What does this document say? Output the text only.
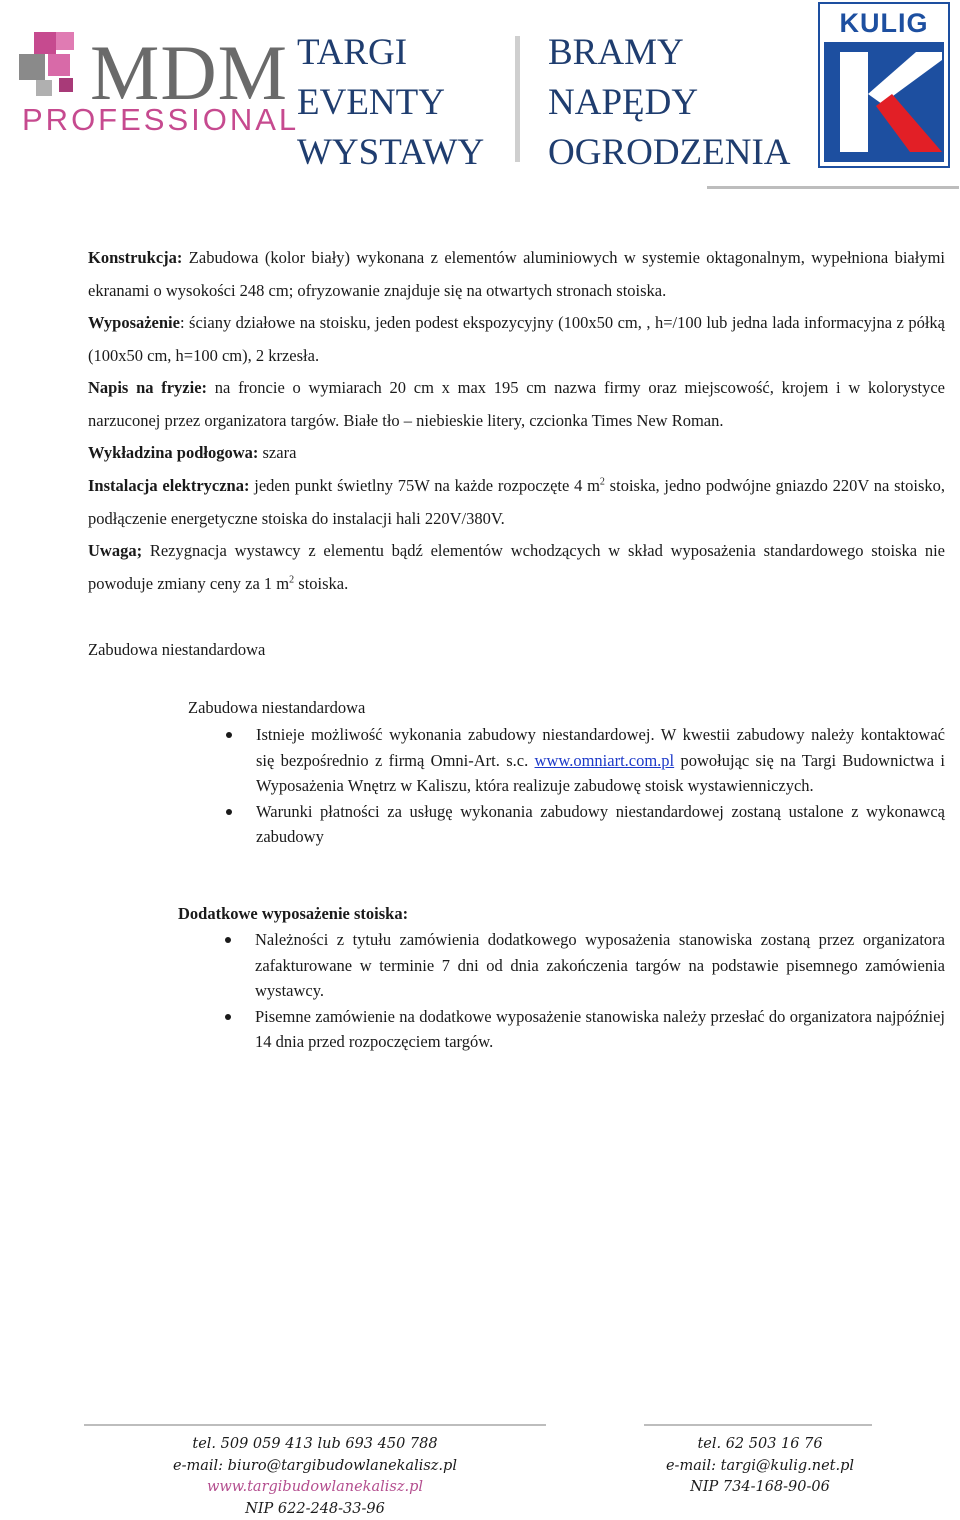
MDM
PROFESSIONAL
TARGI
EVENTY
WYSTAWY
BRAMY
NAPĘDY
OGRODZENIA
KULIG

Konstrukcja: Zabudowa (kolor biały) wykonana z elementów aluminiowych w systemie oktagonalnym, wypełniona białymi ekranami o wysokości 248 cm; ofryzowanie znajduje się na otwartych stronach stoiska.

Wyposażenie: ściany działowe na stoisku, jeden podest ekspozycyjny (100x50 cm, , h=/100 lub jedna lada informacyjna z półką (100x50 cm, h=100 cm), 2 krzesła.

Napis na fryzie: na froncie o wymiarach 20 cm x max 195 cm nazwa firmy oraz miejscowość, krojem i w kolorystyce narzuconej przez organizatora targów. Białe tło – niebieskie litery, czcionka Times New Roman.

Wykładzina podłogowa: szara

Instalacja elektryczna: jeden punkt świetlny 75W na każde rozpoczęte 4 $m^2$ stoiska, jedno podwójne gniazdo 220V na stoisko, podłączenie energetyczne stoiska do instalacji hali 220V/380V.

Uwaga; Rezygnacja wystawcy z elementu bądź elementów wchodzących w skład wyposażenia standardowego stoiska nie powoduje zmiany ceny za 1 $m^2$ stoiska.

Zabudowa niestandardowa
Zabudowa niestandardowa
Istnieje możliwość wykonania zabudowy niestandardowej. W kwestii zabudowy należy kontaktować się bezpośrednio z firmą Omni-Art. s.c. www.omniart.com.pl powołując się na Targi Budownictwa i Wyposażenia Wnętrz w Kaliszu, która realizuje zabudowę stoisk wystawienniczych.
Warunki płatności za usługę wykonania zabudowy niestandardowej zostaną ustalone z wykonawcą zabudowy
Dodatkowe wyposażenie stoiska:
Należności z tytułu zamówienia dodatkowego wyposażenia stanowiska zostaną przez organizatora zafakturowane w terminie 7 dni od dnia zakończenia targów na podstawie pisemnego zamówienia wystawcy.
Pisemne zamówienie na dodatkowe wyposażenie stanowiska należy przesłać do organizatora najpóźniej 14 dnia przed rozpoczęciem targów.
tel. 509 059 413 lub 693 450 788
e-mail: biuro@targibudowlanekalisz.pl
www.targibudowlanekalisz.pl
NIP 622-248-33-96
tel. 62 503 16 76
e-mail: targi@kulig.net.pl
NIP 734-168-90-06
